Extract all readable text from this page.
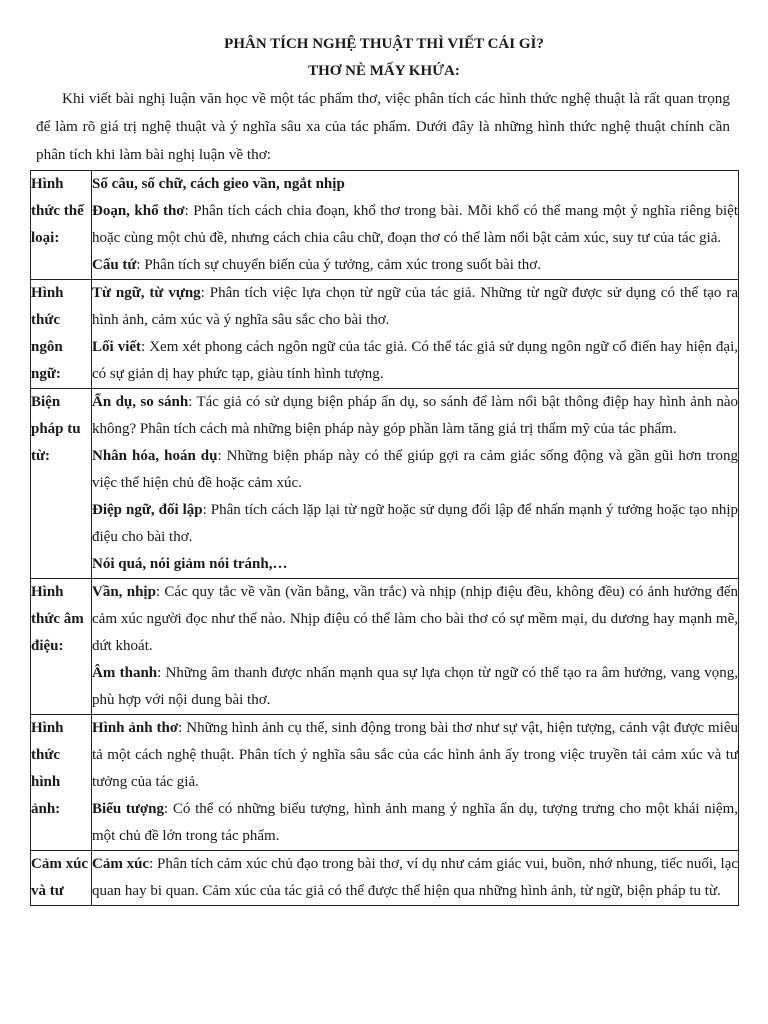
PHÂN TÍCH NGHỆ THUẬT THÌ VIẾT CÁI GÌ?
THƠ NÈ MẤY KHỨA:

Khi viết bài nghị luận văn học về một tác phẩm thơ, việc phân tích các hình thức nghệ thuật là rất quan trọng để làm rõ giá trị nghệ thuật và ý nghĩa sâu xa của tác phẩm. Dưới đây là những hình thức nghệ thuật chính cần phân tích khi làm bài nghị luận về thơ:

Hình thức thể loại:	Số câu, số chữ, cách gieo vần, ngắt nhịp

Đoạn, khổ thơ: Phân tích cách chia đoạn, khổ thơ trong bài. Mỗi khổ có thể mang một ý nghĩa riêng biệt hoặc cùng một chủ đề, nhưng cách chia câu chữ, đoạn thơ có thể làm nổi bật cảm xúc, suy tư của tác giả.

Cấu tứ: Phân tích sự chuyển biến của ý tưởng, cảm xúc trong suốt bài thơ.

Hình thức ngôn ngữ:	Từ ngữ, từ vựng: Phân tích việc lựa chọn từ ngữ của tác giả. Những từ ngữ được sử dụng có thể tạo ra hình ảnh, cảm xúc và ý nghĩa sâu sắc cho bài thơ.

Lối viết: Xem xét phong cách ngôn ngữ của tác giả. Có thể tác giả sử dụng ngôn ngữ cổ điển hay hiện đại, có sự giản dị hay phức tạp, giàu tính hình tượng.

Biện pháp tu từ:	Ẩn dụ, so sánh: Tác giả có sử dụng biện pháp ẩn dụ, so sánh để làm nổi bật thông điệp hay hình ảnh nào không? Phân tích cách mà những biện pháp này góp phần làm tăng giá trị thẩm mỹ của tác phẩm.

Nhân hóa, hoán dụ: Những biện pháp này có thể giúp gợi ra cảm giác sống động và gần gũi hơn trong việc thể hiện chủ đề hoặc cảm xúc.

Điệp ngữ, đối lập: Phân tích cách lặp lại từ ngữ hoặc sử dụng đối lập để nhấn mạnh ý tưởng hoặc tạo nhịp điệu cho bài thơ.

Nói quá, nói giảm nói tránh,…

Hình thức âm điệu:	Vần, nhịp: Các quy tắc về vần (vần bằng, vần trắc) và nhịp (nhịp điệu đều, không đều) có ảnh hưởng đến cảm xúc người đọc như thế nào. Nhịp điệu có thể làm cho bài thơ có sự mềm mại, du dương hay mạnh mẽ, dứt khoát.

Âm thanh: Những âm thanh được nhấn mạnh qua sự lựa chọn từ ngữ có thể tạo ra âm hưởng, vang vọng, phù hợp với nội dung bài thơ.

Hình thức hình ảnh:	Hình ảnh thơ: Những hình ảnh cụ thể, sinh động trong bài thơ như sự vật, hiện tượng, cảnh vật được miêu tả một cách nghệ thuật. Phân tích ý nghĩa sâu sắc của các hình ảnh ấy trong việc truyền tải cảm xúc và tư tưởng của tác giả.

Biểu tượng: Có thể có những biểu tượng, hình ảnh mang ý nghĩa ẩn dụ, tượng trưng cho một khái niệm, một chủ đề lớn trong tác phẩm.

Cảm xúc và tư	Cảm xúc: Phân tích cảm xúc chủ đạo trong bài thơ, ví dụ như cảm giác vui, buồn, nhớ nhung, tiếc nuối, lạc quan hay bi quan. Cảm xúc của tác giả có thể được thể hiện qua những hình ảnh, từ ngữ, biện pháp tu từ.
